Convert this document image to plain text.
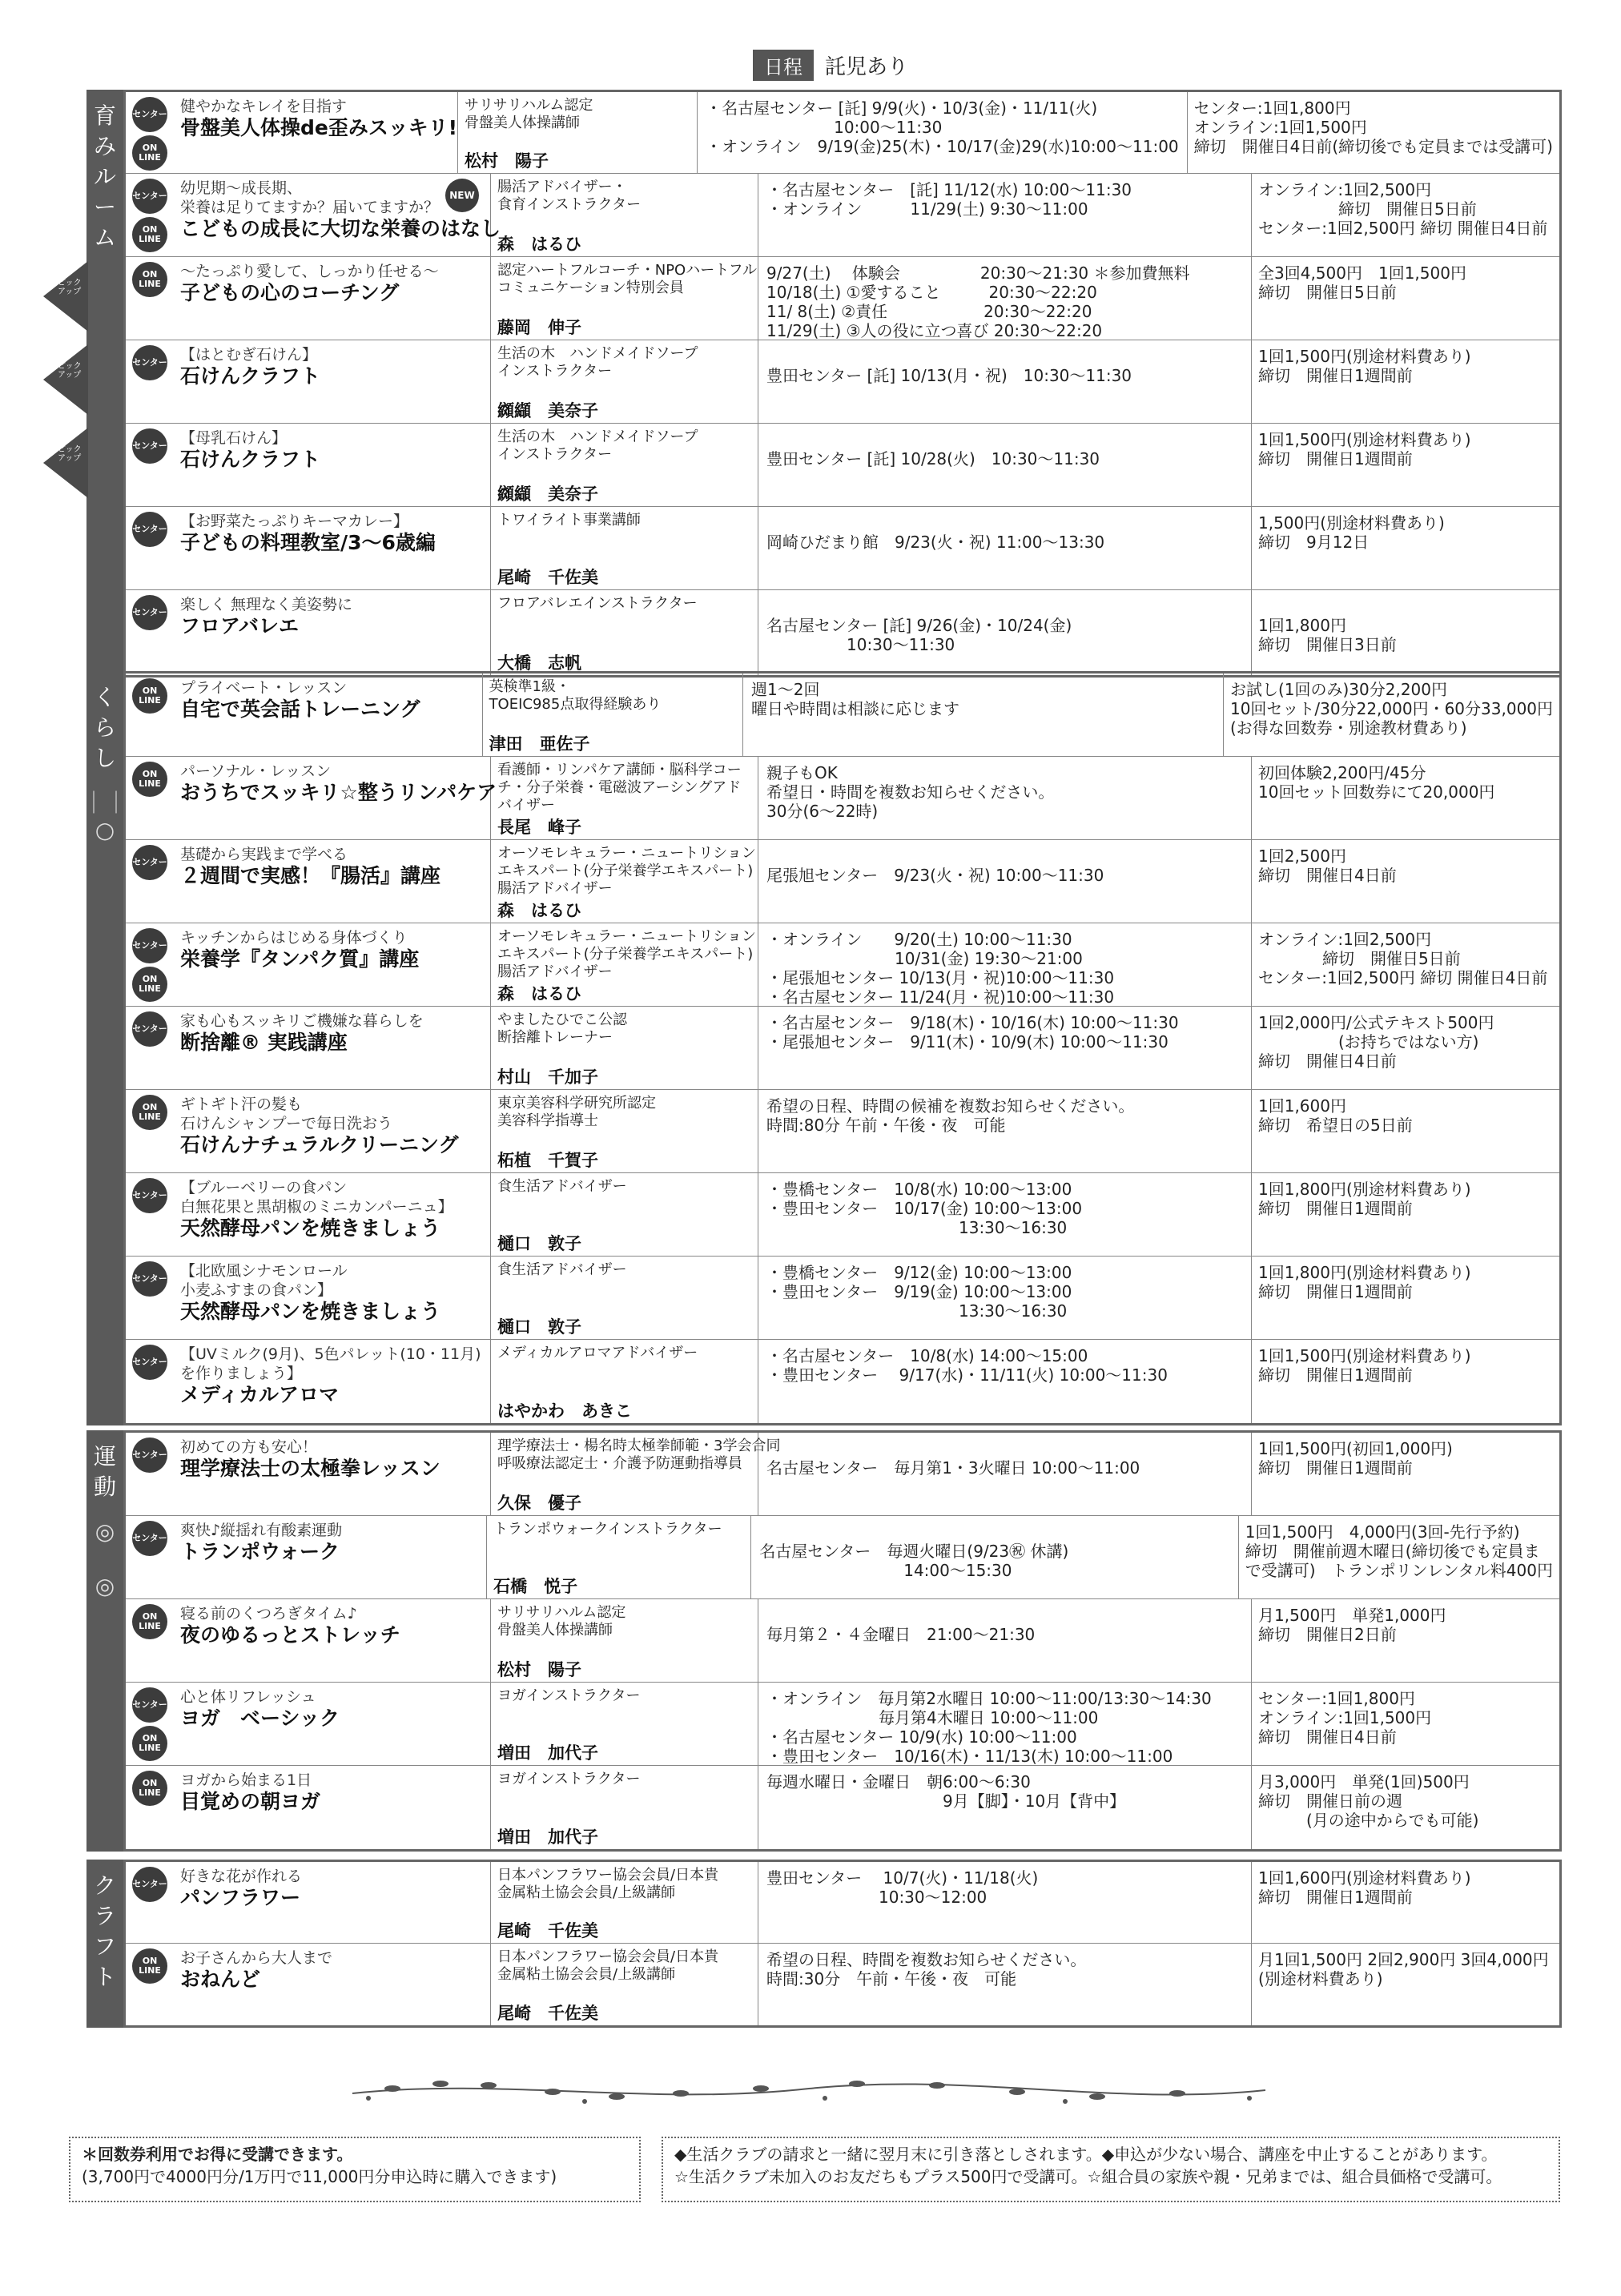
日程	託児あり
育
み
ル
ー
ム
センター
ON LINE
健やかなキレイを目指す
骨盤美人体操de歪みスッキリ!
サリサリハルム認定
骨盤美人体操講師
松村　陽子
・名古屋センター [託] 9/9(火)・10/3(金)・11/11(火)
　　　　　　　　10:00〜11:30
・オンライン　9/19(金)25(木)・10/17(金)29(水)10:00〜11:00
センター:1回1,800円
オンライン:1回1,500円
締切　開催日4日前(締切後でも定員までは受講可)
センター
ON LINE
幼児期〜成長期、
栄養は足りてますか？届いてますか？
こどもの成長に大切な栄養のはなし
NEW 腸活アドバイザー・
食育インストラクター
森　はるひ
・名古屋センター　[託] 11/12(水) 10:00〜11:30
・オンライン　　　11/29(土) 9:30〜11:00
オンライン:1回2,500円
　　　　　締切　開催日5日前
センター:1回2,500円 締切 開催日4日前
ON LINE
〜たっぷり愛して、しっかり任せる〜
子どもの心のコーチング
認定ハートフルコーチ・NPOハートフル
コミュニケーション特別会員
藤岡　伸子
9/27(土)　 体験会　　　　　20:30〜21:30 ＊参加費無料
10/18(土) ①愛すること　　　20:30〜22:20
11/ 8(土) ②責任　　　　　　20:30〜22:20
11/29(土) ③人の役に立つ喜び 20:30〜22:20
全3回4,500円　1回1,500円
締切　開催日5日前
センター 【はとむぎ石けん】
石けんクラフト
生活の木　ハンドメイドソープ
インストラクター
纐纈　美奈子

豊田センター [託] 10/13(月・祝)　10:30〜11:30
1回1,500円(別途材料費あり)
締切　開催日1週間前
センター 【母乳石けん】
石けんクラフト
生活の木　ハンドメイドソープ
インストラクター
纐纈　美奈子

豊田センター [託] 10/28(火)　10:30〜11:30
1回1,500円(別途材料費あり)
締切　開催日1週間前
センター 【お野菜たっぷりキーマカレー】
子どもの料理教室/3〜6歳編
トワイライト事業講師
尾崎　千佐美

岡崎ひだまり館　9/23(火・祝) 11:00〜13:30
1,500円(別途材料費あり)
締切　9月12日
センター 楽しく 無理なく美姿勢に
フロアバレエ
フロアバレエインストラクター
大橋　志帆

名古屋センター [託] 9/26(金)・10/24(金)
　　　　　10:30〜11:30

1回1,800円
締切　開催日3日前
く
ら
し
｜｜
○
ON LINE
プライベート・レッスン
自宅で英会話トレーニング
英検準1級・
TOEIC985点取得経験あり
津田　亜佐子
週1〜2回
曜日や時間は相談に応じます
お試し(1回のみ)30分2,200円
10回セット/30分22,000円・60分33,000円
(お得な回数券・別途教材費あり)
ON LINE
パーソナル・レッスン
おうちでスッキリ☆整うリンパケア
看護師・リンパケア講師・脳科学コー
チ・分子栄養・電磁波アーシングアド
バイザー
長尾　峰子
親子もOK
希望日・時間を複数お知らせください。
30分(6〜22時)
初回体験2,200円/45分
10回セット回数券にて20,000円
センター 基礎から実践まで学べる
２週間で実感！『腸活』講座
オーソモレキュラー・ニュートリション
エキスパート(分子栄養学エキスパート)
腸活アドバイザー
森　はるひ

尾張旭センター　9/23(火・祝) 10:00〜11:30
1回2,500円
締切　開催日4日前
センター
ON LINE
キッチンからはじめる身体づくり
栄養学『タンパク質』講座
オーソモレキュラー・ニュートリション
エキスパート(分子栄養学エキスパート)
腸活アドバイザー
森　はるひ
・オンライン　　9/20(土) 10:00〜11:30
　　　　　　　　10/31(金) 19:30〜21:00
・尾張旭センター 10/13(月・祝)10:00〜11:30
・名古屋センター 11/24(月・祝)10:00〜11:30
オンライン:1回2,500円
　　　　締切　開催日5日前
センター:1回2,500円 締切 開催日4日前
センター 家も心もスッキリご機嫌な暮らしを
断捨離® 実践講座
やましたひでこ公認
断捨離トレーナー
村山　千加子
・名古屋センター　9/18(木)・10/16(木) 10:00〜11:30
・尾張旭センター　9/11(木)・10/9(木) 10:00〜11:30
1回2,000円/公式テキスト500円
　　　　　(お持ちではない方)
締切　開催日4日前
ON LINE
ギトギト汗の髪も
石けんシャンプーで毎日洗おう
石けんナチュラルクリーニング
東京美容科学研究所認定
美容科学指導士
柘植　千賀子
希望の日程、時間の候補を複数お知らせください。
時間:80分 午前・午後・夜　可能
1回1,600円
締切　希望日の5日前
センター 【ブルーベリーの食パン
白無花果と黒胡椒のミニカンパーニュ】
天然酵母パンを焼きましょう
食生活アドバイザー
樋口　敦子
・豊橋センター　10/8(水) 10:00〜13:00
・豊田センター　10/17(金) 10:00〜13:00
　　　　　　　　　　　　13:30〜16:30
1回1,800円(別途材料費あり)
締切　開催日1週間前
センター 【北欧風シナモンロール
小麦ふすまの食パン】
天然酵母パンを焼きましょう
食生活アドバイザー
樋口　敦子
・豊橋センター　9/12(金) 10:00〜13:00
・豊田センター　9/19(金) 10:00〜13:00
　　　　　　　　　　　　13:30〜16:30
1回1,800円(別途材料費あり)
締切　開催日1週間前
センター 【UVミルク(9月)、5色パレット(10・11月)
を作りましょう】
メディカルアロマ
メディカルアロマアドバイザー
はやかわ　あきこ
・名古屋センター　10/8(水) 14:00〜15:00
・豊田センター　 9/17(水)・11/11(火) 10:00〜11:30
1回1,500円(別途材料費あり)
締切　開催日1週間前
運
動
◎

◎
センター 初めての方も安心！
理学療法士の太極拳レッスン
理学療法士・楊名時太極拳師範・3学会合同
呼吸療法認定士・介護予防運動指導員
久保　優子

名古屋センター　毎月第1・3火曜日 10:00〜11:00
1回1,500円(初回1,000円)
締切　開催日1週間前
センター 爽快♪縦揺れ有酸素運動
トランポウォーク
トランポウォークインストラクター
石橋　悦子

名古屋センター　毎週火曜日(9/23㊗ 休講)
　　　　　　　　　14:00〜15:30
1回1,500円　4,000円(3回-先行予約)
締切　開催前週木曜日(締切後でも定員ま
で受講可)　トランポリンレンタル料400円
ON LINE
寝る前のくつろぎタイム♪
夜のゆるっとストレッチ
サリサリハルム認定
骨盤美人体操講師
松村　陽子

毎月第２・４金曜日　21:00〜21:30
月1,500円　単発1,000円
締切　開催日2日前
センター
ON LINE
心と体リフレッシュ
ヨガ　ベーシック
ヨガインストラクター
増田　加代子
・オンライン　毎月第2水曜日 10:00〜11:00/13:30〜14:30
　　　　　　　毎月第4木曜日 10:00〜11:00
・名古屋センター 10/9(水) 10:00〜11:00
・豊田センター　10/16(木)・11/13(木) 10:00〜11:00
センター:1回1,800円
オンライン:1回1,500円
締切　開催日4日前
ON LINE
ヨガから始まる1日
目覚めの朝ヨガ
ヨガインストラクター
増田　加代子
毎週水曜日・金曜日　朝6:00〜6:30
　　　　　　　　　　　9月【脚】・10月【背中】
月3,000円　単発(1回)500円
締切　開催日前の週
　　　(月の途中からでも可能)
ク
ラ
フ
ト
センター 好きな花が作れる
パンフラワー
日本パンフラワー協会会員/日本貴
金属粘土協会会員/上級講師
尾崎　千佐美
豊田センター　 10/7(火)・11/18(火)
　　　　　　　10:30〜12:00
1回1,600円(別途材料費あり)
締切　開催日1週間前
ON LINE
お子さんから大人まで
おねんど
日本パンフラワー協会会員/日本貴
金属粘土協会会員/上級講師
尾崎　千佐美
希望の日程、時間を複数お知らせください。
時間:30分　午前・午後・夜　可能
月1回1,500円 2回2,900円 3回4,000円
(別途材料費あり)
＊回数券利用でお得に受講できます。
(3,700円で4000円分/1万円で11,000円分申込時に購入できます)
◆生活クラブの請求と一緒に翌月末に引き落としされます。◆申込が少ない場合、講座を中止することがあります。
☆生活クラブ未加入のお友だちもプラス500円で受講可。☆組合員の家族や親・兄弟までは、組合員価格で受講可。
ピック
アップ
ピック
アップ
ピック
アップ
